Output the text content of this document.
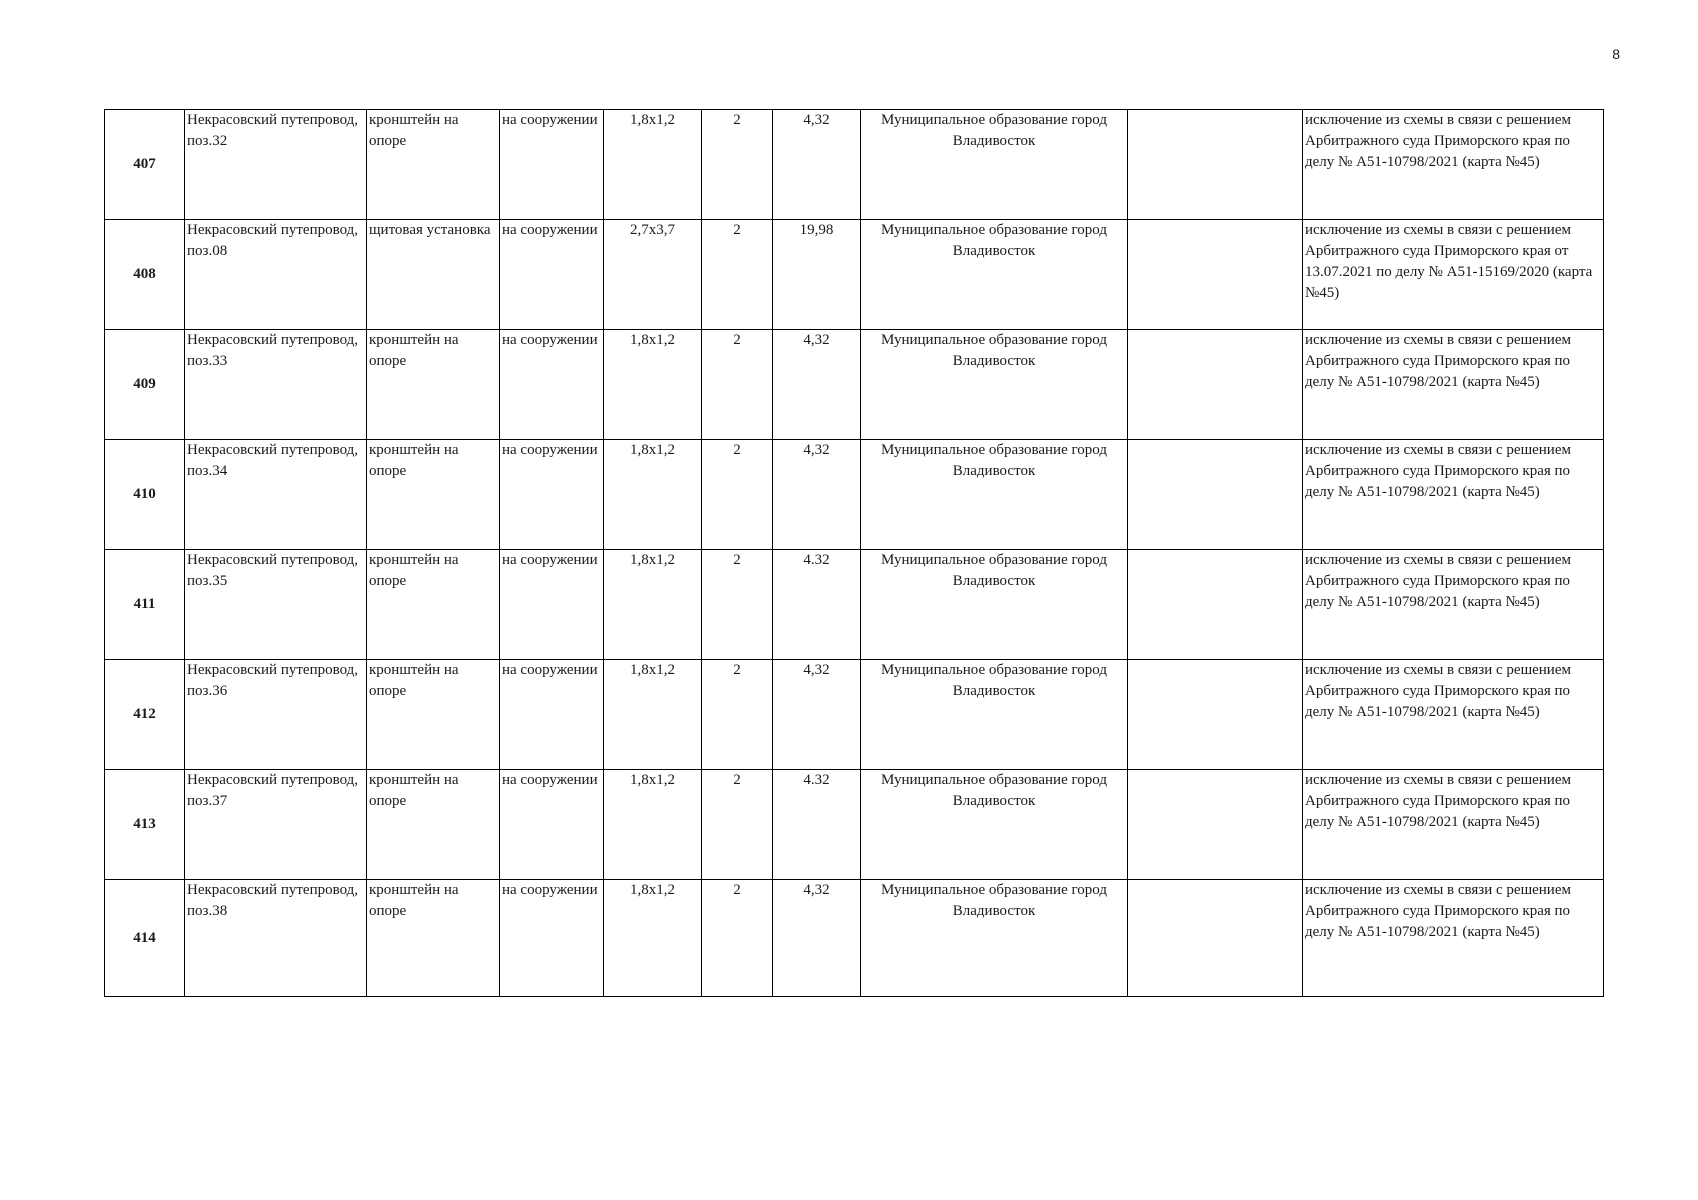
8
407	Некрасовский путепровод, поз.32	кронштейн на опоре	на сооружении	1,8x1,2	2	4,32	Муниципальное образование город Владивосток		исключение из схемы в связи с решением Арбитражного суда Приморского края по делу № А51-10798/2021 (карта №45)
408	Некрасовский путепровод, поз.08	щитовая установка	на сооружении	2,7x3,7	2	19,98	Муниципальное образование город Владивосток		исключение из схемы в связи с решением Арбитражного суда Приморского края от 13.07.2021 по делу № А51-15169/2020 (карта №45)
409	Некрасовский путепровод, поз.33	кронштейн на опоре	на сооружении	1,8x1,2	2	4,32	Муниципальное образование город Владивосток		исключение из схемы в связи с решением Арбитражного суда Приморского края по делу № А51-10798/2021 (карта №45)
410	Некрасовский путепровод, поз.34	кронштейн на опоре	на сооружении	1,8x1,2	2	4,32	Муниципальное образование город Владивосток		исключение из схемы в связи с решением Арбитражного суда Приморского края по делу № А51-10798/2021 (карта №45)
411	Некрасовский путепровод, поз.35	кронштейн на опоре	на сооружении	1,8x1,2	2	4.32	Муниципальное образование город Владивосток		исключение из схемы в связи с решением Арбитражного суда Приморского края по делу № А51-10798/2021 (карта №45)
412	Некрасовский путепровод, поз.36	кронштейн на опоре	на сооружении	1,8x1,2	2	4,32	Муниципальное образование город Владивосток		исключение из схемы в связи с решением Арбитражного суда Приморского края по делу № А51-10798/2021 (карта №45)
413	Некрасовский путепровод, поз.37	кронштейн на опоре	на сооружении	1,8x1,2	2	4.32	Муниципальное образование город Владивосток		исключение из схемы в связи с решением Арбитражного суда Приморского края по делу № А51-10798/2021 (карта №45)
414	Некрасовский путепровод, поз.38	кронштейн на опоре	на сооружении	1,8x1,2	2	4,32	Муниципальное образование город Владивосток		исключение из схемы в связи с решением Арбитражного суда Приморского края по делу № А51-10798/2021 (карта №45)
